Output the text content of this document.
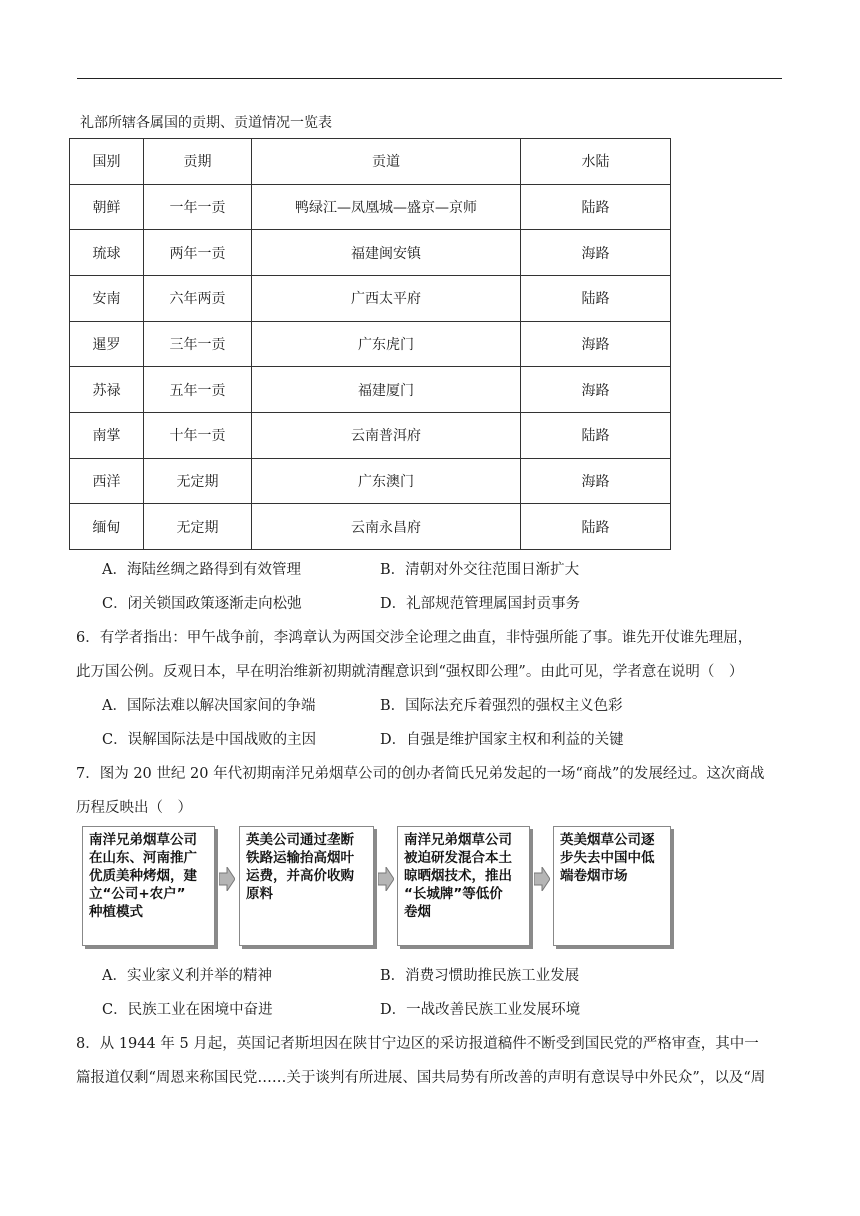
礼部所辖各属国的贡期、贡道情况一览表
国别	贡期	贡道	水陆
朝鲜	一年一贡	鸭绿江—凤凰城—盛京—京师	陆路
琉球	两年一贡	福建闽安镇	海路
安南	六年两贡	广西太平府	陆路
暹罗	三年一贡	广东虎门	海路
苏禄	五年一贡	福建厦门	海路
南掌	十年一贡	云南普洱府	陆路
西洋	无定期	广东澳门	海路
缅甸	无定期	云南永昌府	陆路
A．海陆丝绸之路得到有效管理	B．清朝对外交往范围日渐扩大
C．闭关锁国政策逐渐走向松弛	D．礼部规范管理属国封贡事务
6．有学者指出：甲午战争前，李鸿章认为两国交涉全论理之曲直，非恃强所能了事。谁先开仗谁先理屈，
此万国公例。反观日本，早在明治维新初期就清醒意识到“强权即公理”。由此可见，学者意在说明（　）
A．国际法难以解决国家间的争端	B．国际法充斥着强烈的强权主义色彩
C．误解国际法是中国战败的主因	D．自强是维护国家主权和利益的关键
7．图为 20 世纪 20 年代初期南洋兄弟烟草公司的创办者简氏兄弟发起的一场“商战”的发展经过。这次商战
历程反映出（　）
南洋兄弟烟草公司
在山东、河南推广
优质美种烤烟，建
立“公司+农户”
种植模式
英美公司通过垄断
铁路运输抬高烟叶
运费，并高价收购
原料
南洋兄弟烟草公司
被迫研发混合本土
晾晒烟技术，推出
“长城牌”等低价
卷烟
英美烟草公司逐
步失去中国中低
端卷烟市场
A．实业家义利并举的精神	B．消费习惯助推民族工业发展
C．民族工业在困境中奋进	D．一战改善民族工业发展环境
8．从 1944 年 5 月起，英国记者斯坦因在陕甘宁边区的采访报道稿件不断受到国民党的严格审查，其中一
篇报道仅剩“周恩来称国民党……关于谈判有所进展、国共局势有所改善的声明有意误导中外民众”，以及“周
